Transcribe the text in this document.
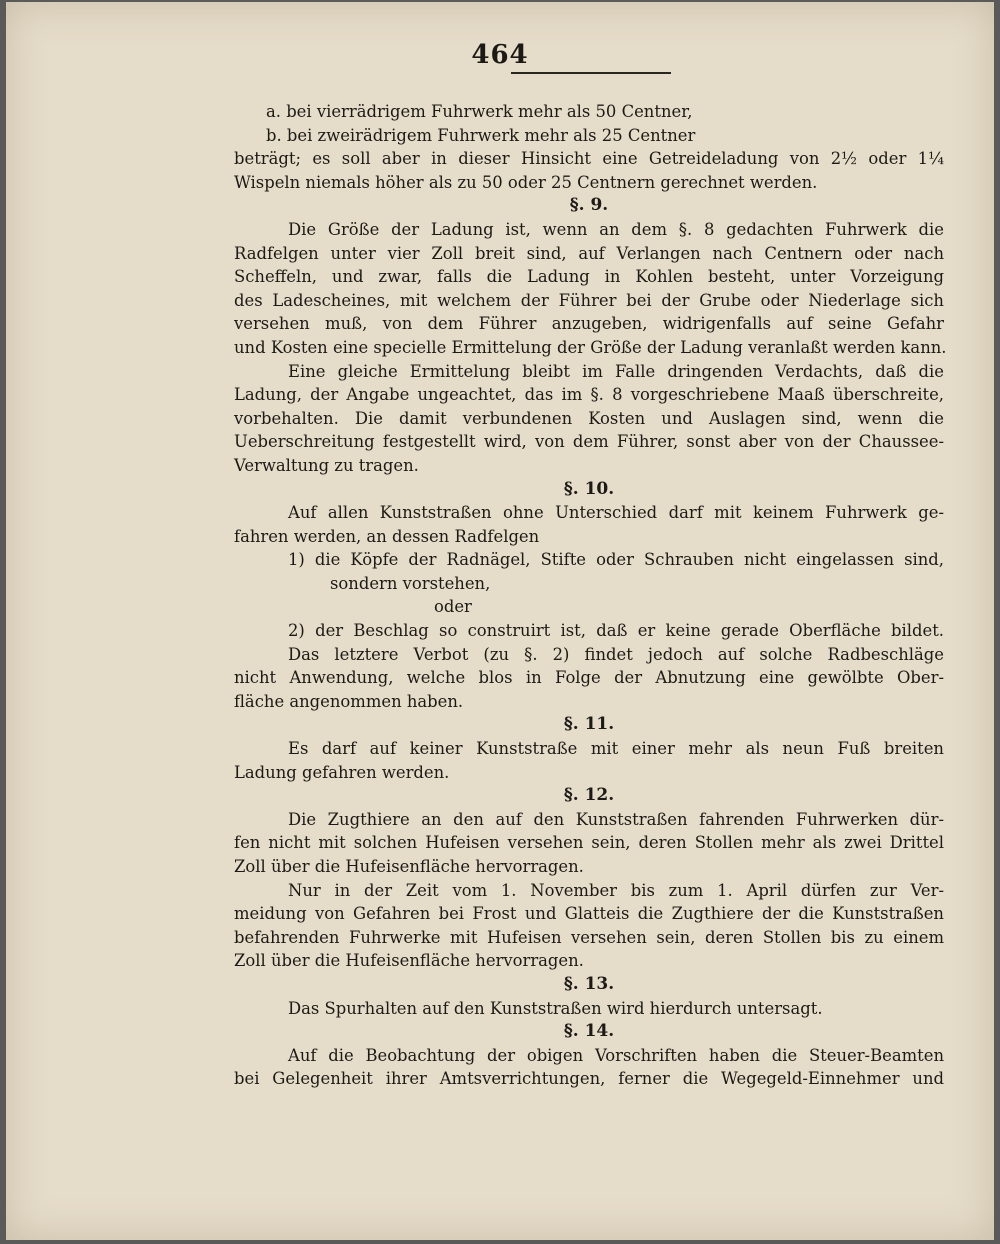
464
a. bei vierrädrigem Fuhrwerk mehr als 50 Centner,
b. bei zweirädrigem Fuhrwerk mehr als 25 Centner
beträgt; es soll aber in dieser Hinsicht eine Getreideladung von 2½ oder 1¼
Wispeln niemals höher als zu 50 oder 25 Centnern gerechnet werden.
§. 9.
Die Größe der Ladung ist, wenn an dem §. 8 gedachten Fuhrwerk die
Radfelgen unter vier Zoll breit sind, auf Verlangen nach Centnern oder nach
Scheffeln, und zwar, falls die Ladung in Kohlen besteht, unter Vorzeigung
des Ladescheines, mit welchem der Führer bei der Grube oder Niederlage sich
versehen muß, von dem Führer anzugeben, widrigenfalls auf seine Gefahr
und Kosten eine specielle Ermittelung der Größe der Ladung veranlaßt werden kann.
Eine gleiche Ermittelung bleibt im Falle dringenden Verdachts, daß die
Ladung, der Angabe ungeachtet, das im §. 8 vorgeschriebene Maaß überschreite,
vorbehalten. Die damit verbundenen Kosten und Auslagen sind, wenn die
Ueberschreitung festgestellt wird, von dem Führer, sonst aber von der Chaussee-
Verwaltung zu tragen.
§. 10.
Auf allen Kunststraßen ohne Unterschied darf mit keinem Fuhrwerk ge-
fahren werden, an dessen Radfelgen
1) die Köpfe der Radnägel, Stifte oder Schrauben nicht eingelassen sind,
sondern vorstehen,
oder
2) der Beschlag so construirt ist, daß er keine gerade Oberfläche bildet.
Das letztere Verbot (zu §. 2) findet jedoch auf solche Radbeschläge
nicht Anwendung, welche blos in Folge der Abnutzung eine gewölbte Ober-
fläche angenommen haben.
§. 11.
Es darf auf keiner Kunststraße mit einer mehr als neun Fuß breiten
Ladung gefahren werden.
§. 12.
Die Zugthiere an den auf den Kunststraßen fahrenden Fuhrwerken dür-
fen nicht mit solchen Hufeisen versehen sein, deren Stollen mehr als zwei Drittel
Zoll über die Hufeisenfläche hervorragen.
Nur in der Zeit vom 1. November bis zum 1. April dürfen zur Ver-
meidung von Gefahren bei Frost und Glatteis die Zugthiere der die Kunststraßen
befahrenden Fuhrwerke mit Hufeisen versehen sein, deren Stollen bis zu einem
Zoll über die Hufeisenfläche hervorragen.
§. 13.
Das Spurhalten auf den Kunststraßen wird hierdurch untersagt.
§. 14.
Auf die Beobachtung der obigen Vorschriften haben die Steuer-Beamten
bei Gelegenheit ihrer Amtsverrichtungen, ferner die Wegegeld-Einnehmer und
